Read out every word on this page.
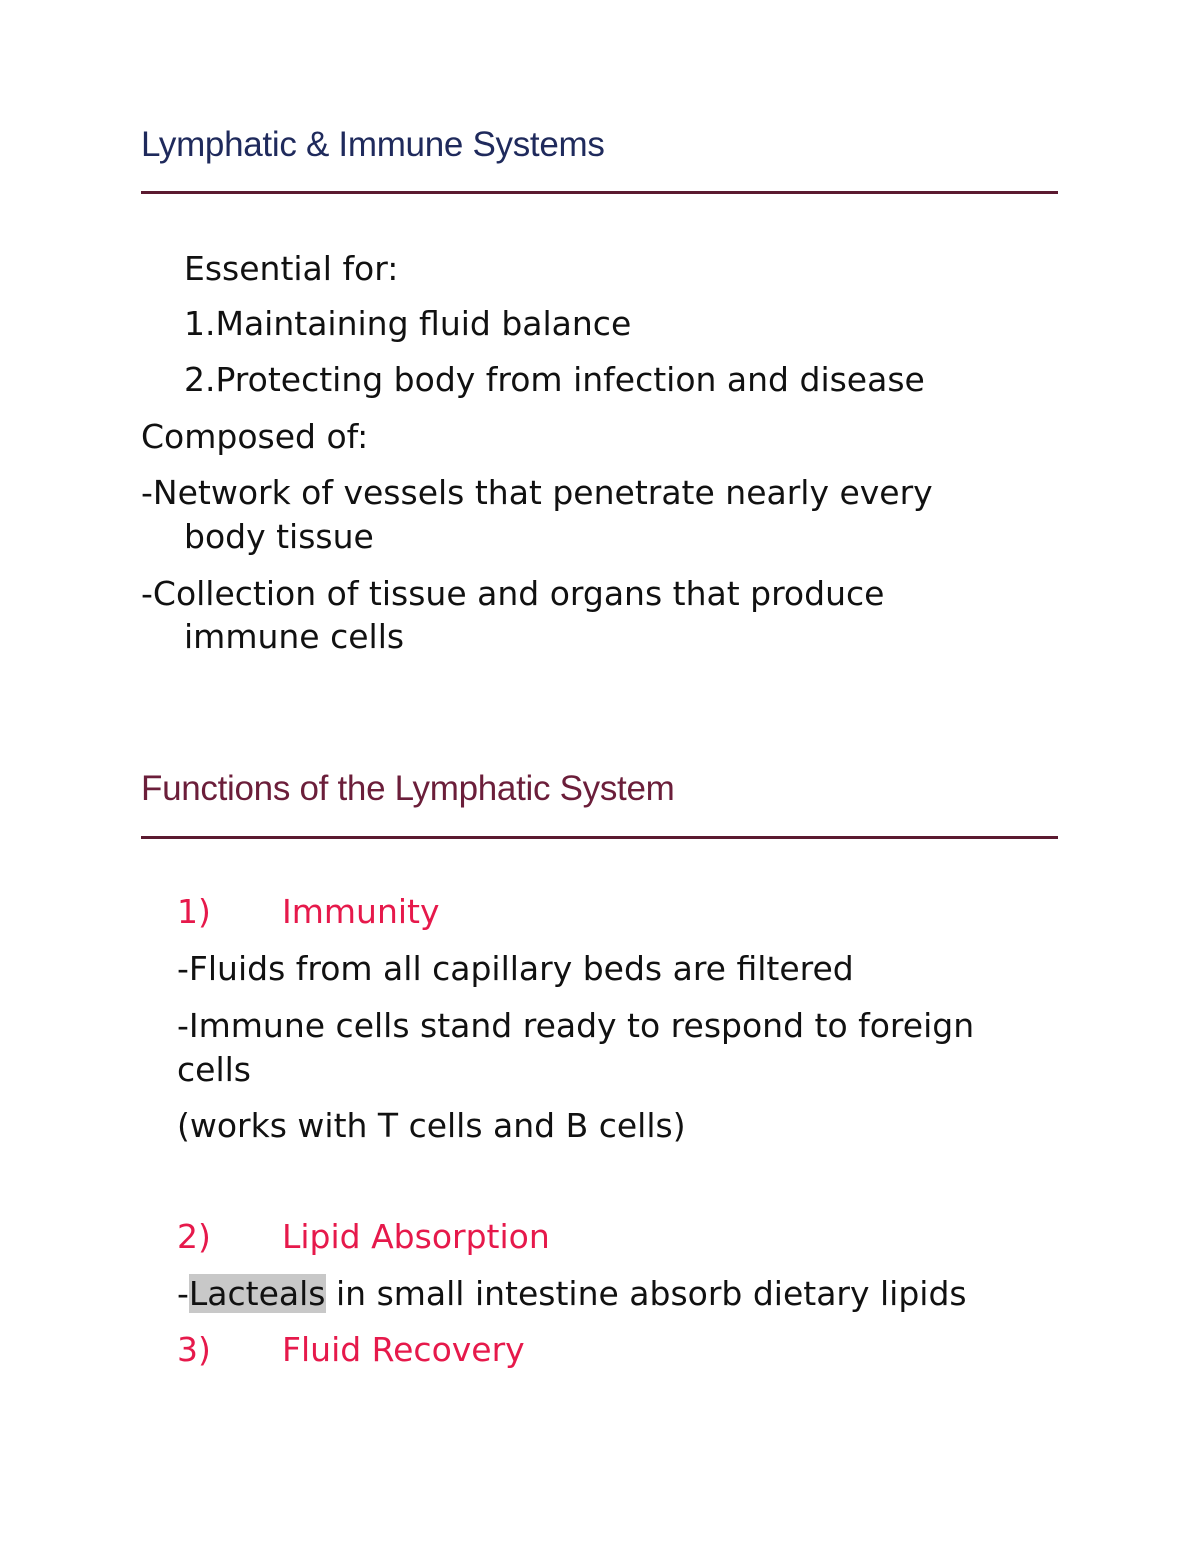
Lymphatic & Immune Systems
Essential for:
1.Maintaining fluid balance
2.Protecting body from infection and disease
Composed of:
-Network of vessels that penetrate nearly every
body tissue
-Collection of tissue and organs that produce
immune cells
Functions of the Lymphatic System
1) Immunity
-Fluids from all capillary beds are filtered
-Immune cells stand ready to respond to foreign
cells
(works with T cells and B cells)
2) Lipid Absorption
-Lacteals in small intestine absorb dietary lipids
3) Fluid Recovery
